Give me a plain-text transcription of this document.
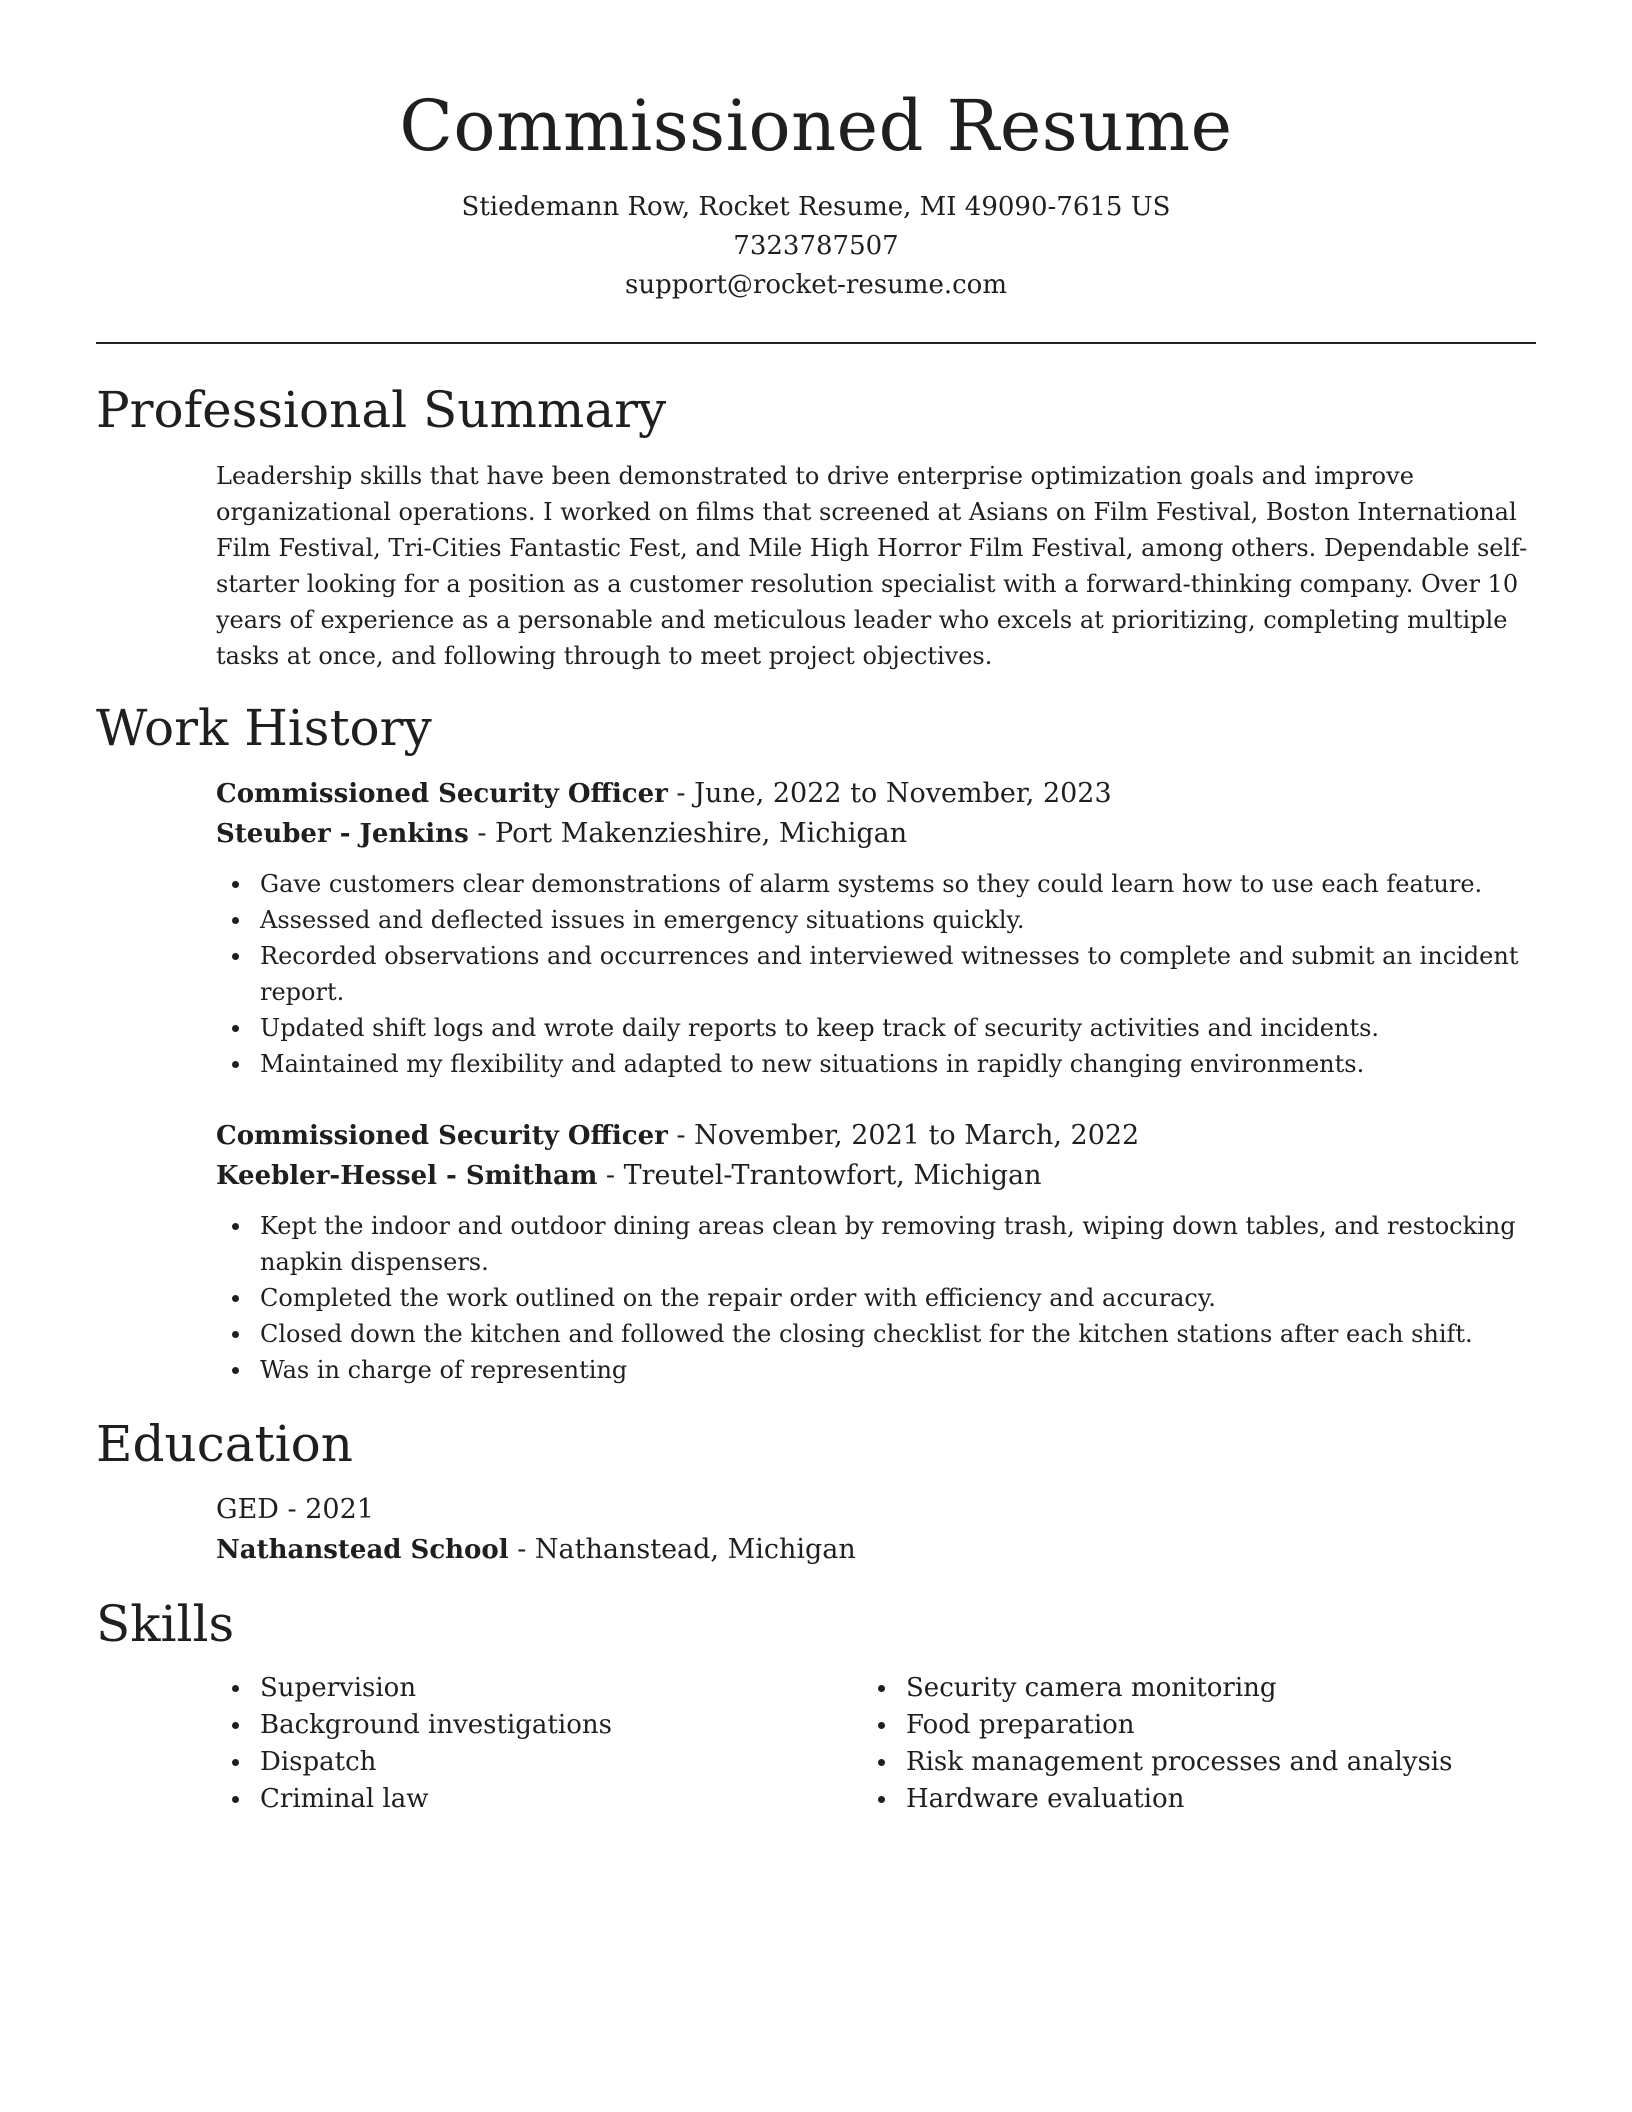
Commissioned Resume
Stiedemann Row, Rocket Resume, MI 49090-7615 US
7323787507
support@rocket-resume.com
Professional Summary
Leadership skills that have been demonstrated to drive enterprise optimization goals and improve organizational operations. I worked on films that screened at Asians on Film Festival, Boston International Film Festival, Tri-Cities Fantastic Fest, and Mile High Horror Film Festival, among others. Dependable self-starter looking for a position as a customer resolution specialist with a forward-thinking company. Over 10 years of experience as a personable and meticulous leader who excels at prioritizing, completing multiple tasks at once, and following through to meet project objectives.
Work History
Commissioned Security Officer - June, 2022 to November, 2023
Steuber - Jenkins - Port Makenzieshire, Michigan
Gave customers clear demonstrations of alarm systems so they could learn how to use each feature.
Assessed and deflected issues in emergency situations quickly.
Recorded observations and occurrences and interviewed witnesses to complete and submit an incident report.
Updated shift logs and wrote daily reports to keep track of security activities and incidents.
Maintained my flexibility and adapted to new situations in rapidly changing environments.
Commissioned Security Officer - November, 2021 to March, 2022
Keebler-Hessel - Smitham - Treutel-Trantowfort, Michigan
Kept the indoor and outdoor dining areas clean by removing trash, wiping down tables, and restocking napkin dispensers.
Completed the work outlined on the repair order with efficiency and accuracy.
Closed down the kitchen and followed the closing checklist for the kitchen stations after each shift.
Was in charge of representing
Education
GED - 2021
Nathanstead School - Nathanstead, Michigan
Skills
Supervision
Background investigations
Dispatch
Criminal law
Security camera monitoring
Food preparation
Risk management processes and analysis
Hardware evaluation
